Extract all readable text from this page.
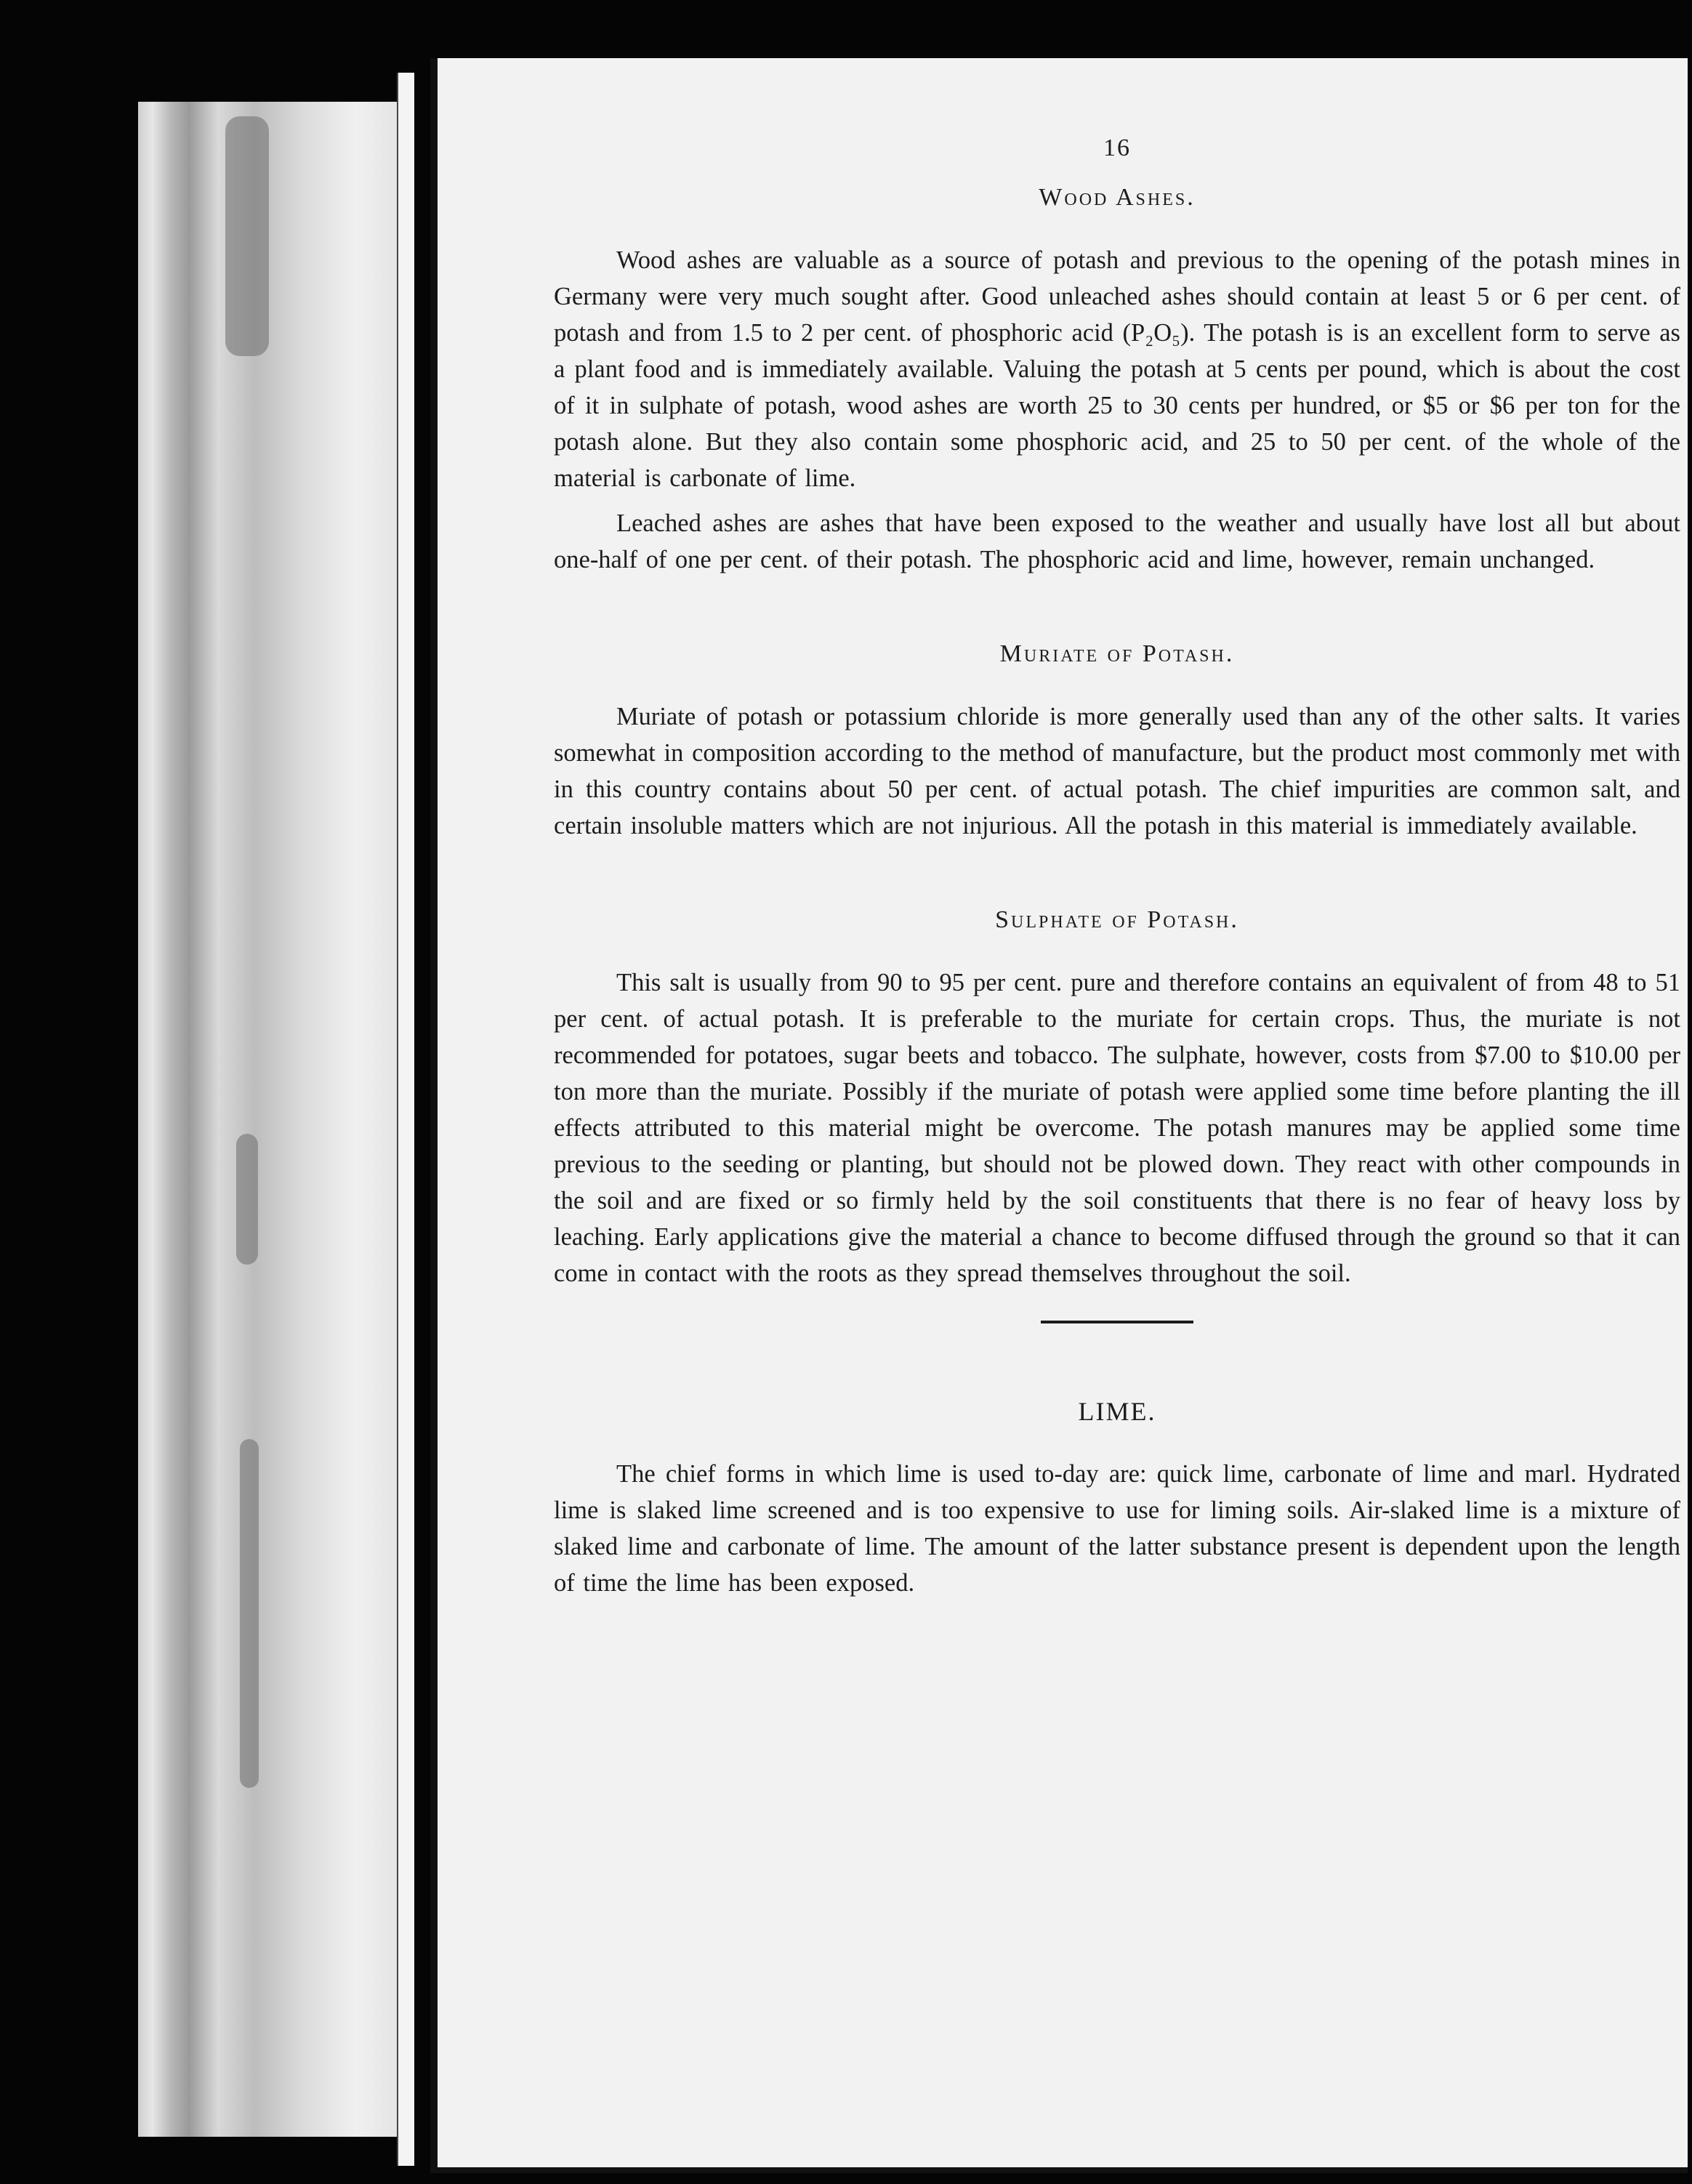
16
Wood Ashes.

Wood ashes are valuable as a source of potash and previous to the opening of the potash mines in Germany were very much sought after. Good unleached ashes should contain at least 5 or 6 per cent. of potash and from 1.5 to 2 per cent. of phosphoric acid (P₂O₅). The potash is is an excellent form to serve as a plant food and is immediately available. Valuing the potash at 5 cents per pound, which is about the cost of it in sulphate of potash, wood ashes are worth 25 to 30 cents per hundred, or $5 or $6 per ton for the potash alone. But they also contain some phosphoric acid, and 25 to 50 per cent. of the whole of the material is carbonate of lime.

Leached ashes are ashes that have been exposed to the weather and usually have lost all but about one-half of one per cent. of their potash. The phosphoric acid and lime, however, remain unchanged.

Muriate of Potash.

Muriate of potash or potassium chloride is more generally used than any of the other salts. It varies somewhat in composition according to the method of manufacture, but the product most commonly met with in this country contains about 50 per cent. of actual potash. The chief impurities are common salt, and certain insoluble matters which are not injurious. All the potash in this material is immediately available.

Sulphate of Potash.

This salt is usually from 90 to 95 per cent. pure and therefore contains an equivalent of from 48 to 51 per cent. of actual potash. It is preferable to the muriate for certain crops. Thus, the muriate is not recommended for potatoes, sugar beets and tobacco. The sulphate, however, costs from $7.00 to $10.00 per ton more than the muriate. Possibly if the muriate of potash were applied some time before planting the ill effects attributed to this material might be overcome. The potash manures may be applied some time previous to the seeding or planting, but should not be plowed down. They react with other compounds in the soil and are fixed or so firmly held by the soil constituents that there is no fear of heavy loss by leaching. Early applications give the material a chance to become diffused through the ground so that it can come in contact with the roots as they spread themselves throughout the soil.

LIME.

The chief forms in which lime is used to-day are: quick lime, carbonate of lime and marl. Hydrated lime is slaked lime screened and is too expensive to use for liming soils. Air-slaked lime is a mixture of slaked lime and carbonate of lime. The amount of the latter substance present is dependent upon the length of time the lime has been exposed.
